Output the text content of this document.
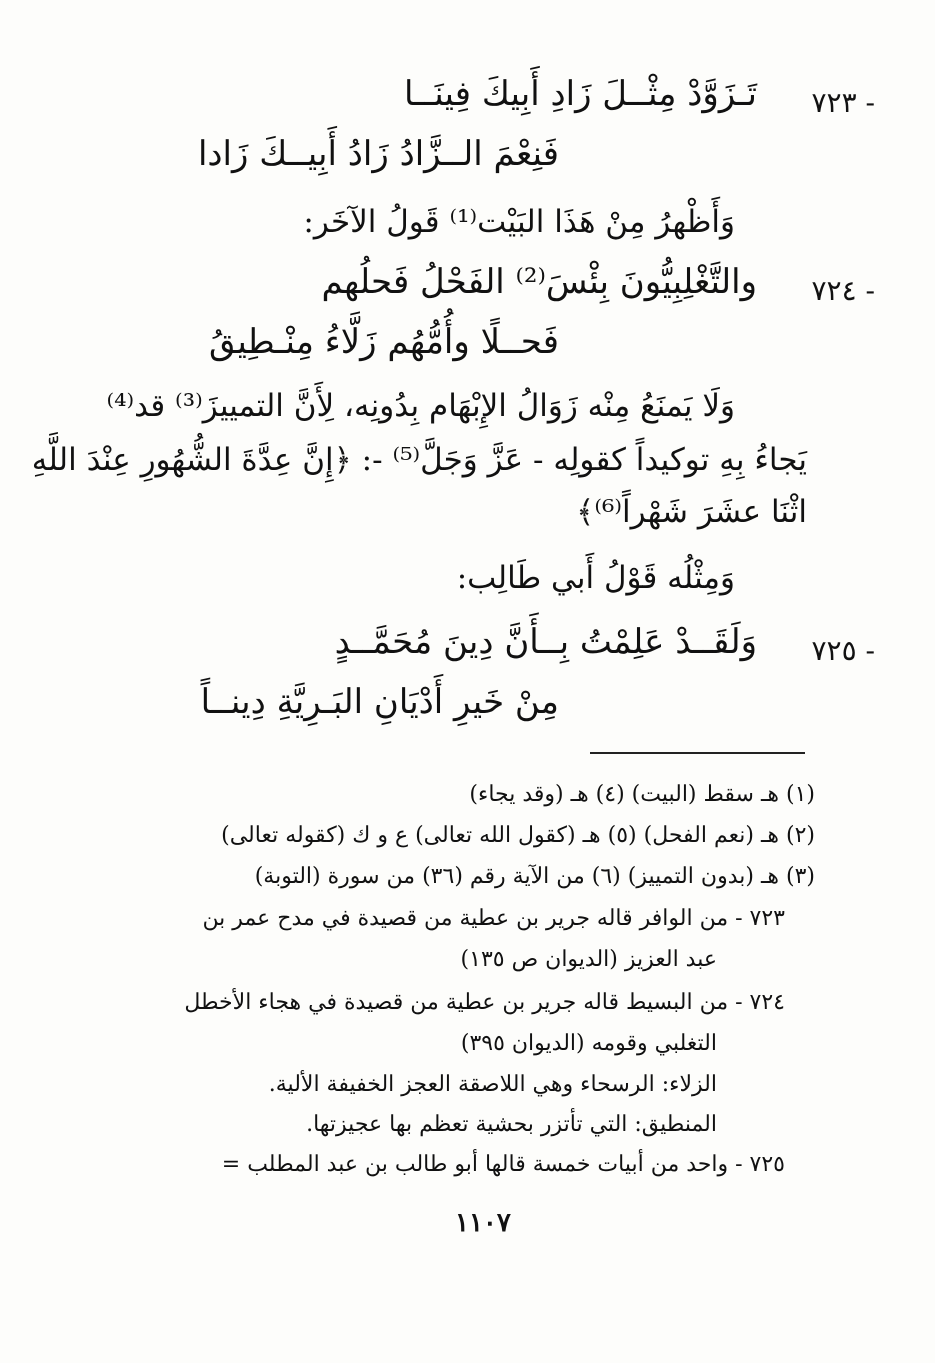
٧٢٣ -
تَـزَوَّدْ مِثْــلَ زَادِ أَبِيكَ فِينَــا
فَنِعْمَ الــزَّادُ زَادُ أَبِيــكَ زَادا
وَأَظْهرُ مِنْ هَذَا البَيْت⁽¹⁾ قَولُ الآخَر:
٧٢٤ -
والتَّغْلِبِيُّونَ بِئْسَ⁽²⁾ الفَحْلُ فَحلُهم
فَحــلًا وأُمُّهُم زَلَّاءُ مِنْـطِيقُ
وَلَا يَمنَعُ مِنْه زَوَالُ الإِبْهَام بِدُونِه، لِأَنَّ التمييزَ⁽³⁾ قد⁽⁴⁾
يَجاءُ بِهِ توكيداً كقولِه - عَزَّ وَجَلَّ⁽⁵⁾ -: ﴿إِنَّ عِدَّةَ الشُّهُورِ عِنْدَ اللَّهِ
اثْنَا عشَرَ شَهْراً⁽⁶⁾﴾
وَمِثْلُه قَوْلُ أَبي طَالِب:
٧٢٥ -
وَلَقَــدْ عَلِمْتُ بِــأَنَّ دِينَ مُحَمَّــدٍ
مِنْ خَيرِ أَدْيَانِ البَـرِيَّةِ دِينــاً
(١) هـ سقط (البيت) (٤) هـ (وقد يجاء)
(٢) هـ (نعم الفحل) (٥) هـ (كقول الله تعالى) ع و ك (كقوله تعالى)
(٣) هـ (بدون التمييز) (٦) من الآية رقم (٣٦) من سورة (التوبة)
٧٢٣ - من الوافر قاله جرير بن عطية من قصيدة في مدح عمر بن
عبد العزيز (الديوان ص ١٣٥)
٧٢٤ - من البسيط قاله جرير بن عطية من قصيدة في هجاء الأخطل
التغلبي وقومه (الديوان ٣٩٥)
الزلاء: الرسحاء وهي اللاصقة العجز الخفيفة الألية.
المنطيق: التي تأتزر بحشية تعظم بها عجيزتها.
٧٢٥ - واحد من أبيات خمسة قالها أبو طالب بن عبد المطلب =
١١٠٧
